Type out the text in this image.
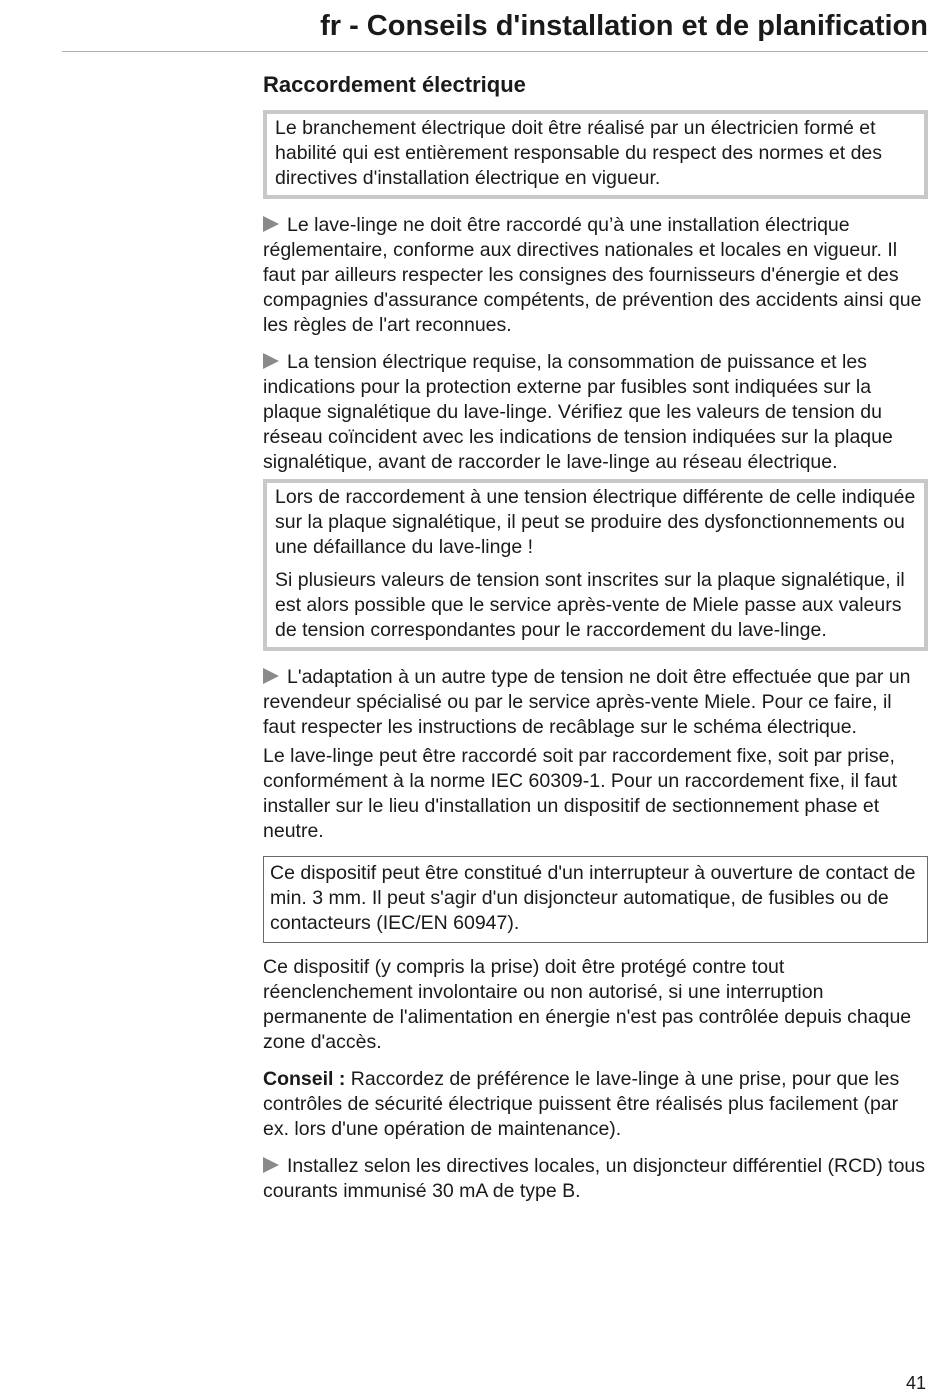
fr - Conseils d'installation et de planification
Raccordement électrique

Le branchement électrique doit être réalisé par un électricien formé et habilité qui est entièrement responsable du respect des normes et des directives d'installation électrique en vigueur.

Le lave-linge ne doit être raccordé qu’à une installation électrique réglementaire, conforme aux directives nationales et locales en vigueur. Il faut par ailleurs respecter les consignes des fournisseurs d'énergie et des compagnies d'assurance compétents, de prévention des accidents ainsi que les règles de l'art reconnues.

La tension électrique requise, la consommation de puissance et les indications pour la protection externe par fusibles sont indiquées sur la plaque signalétique du lave-linge. Vérifiez que les valeurs de tension du réseau coïncident avec les indications de tension indiquées sur la plaque signalétique, avant de raccorder le lave-linge au réseau électrique.

Lors de raccordement à une tension électrique différente de celle indiquée sur la plaque signalétique, il peut se produire des dysfonctionnements ou une défaillance du lave-linge !

Si plusieurs valeurs de tension sont inscrites sur la plaque signalétique, il est alors possible que le service après-vente de Miele passe aux valeurs de tension correspondantes pour le raccordement du lave-linge.

L'adaptation à un autre type de tension ne doit être effectuée que par un revendeur spécialisé ou par le service après-vente Miele. Pour ce faire, il faut respecter les instructions de recâblage sur le schéma électrique.

Le lave-linge peut être raccordé soit par raccordement fixe, soit par prise, conformément à la norme IEC 60309-1. Pour un raccordement fixe, il faut installer sur le lieu d'installation un dispositif de sectionnement phase et neutre.

Ce dispositif peut être constitué d'un interrupteur à ouverture de contact de min. 3 mm. Il peut s'agir d'un disjoncteur automatique, de fusibles ou de contacteurs (IEC/EN 60947).

Ce dispositif (y compris la prise) doit être protégé contre tout réenclenchement involontaire ou non autorisé, si une interruption permanente de l'alimentation en énergie n'est pas contrôlée depuis chaque zone d'accès.

Conseil : Raccordez de préférence le lave-linge à une prise, pour que les contrôles de sécurité électrique puissent être réalisés plus facilement (par ex. lors d'une opération de maintenance).

Installez selon les directives locales, un disjoncteur différentiel (RCD) tous courants immunisé 30 mA de type B.

41
